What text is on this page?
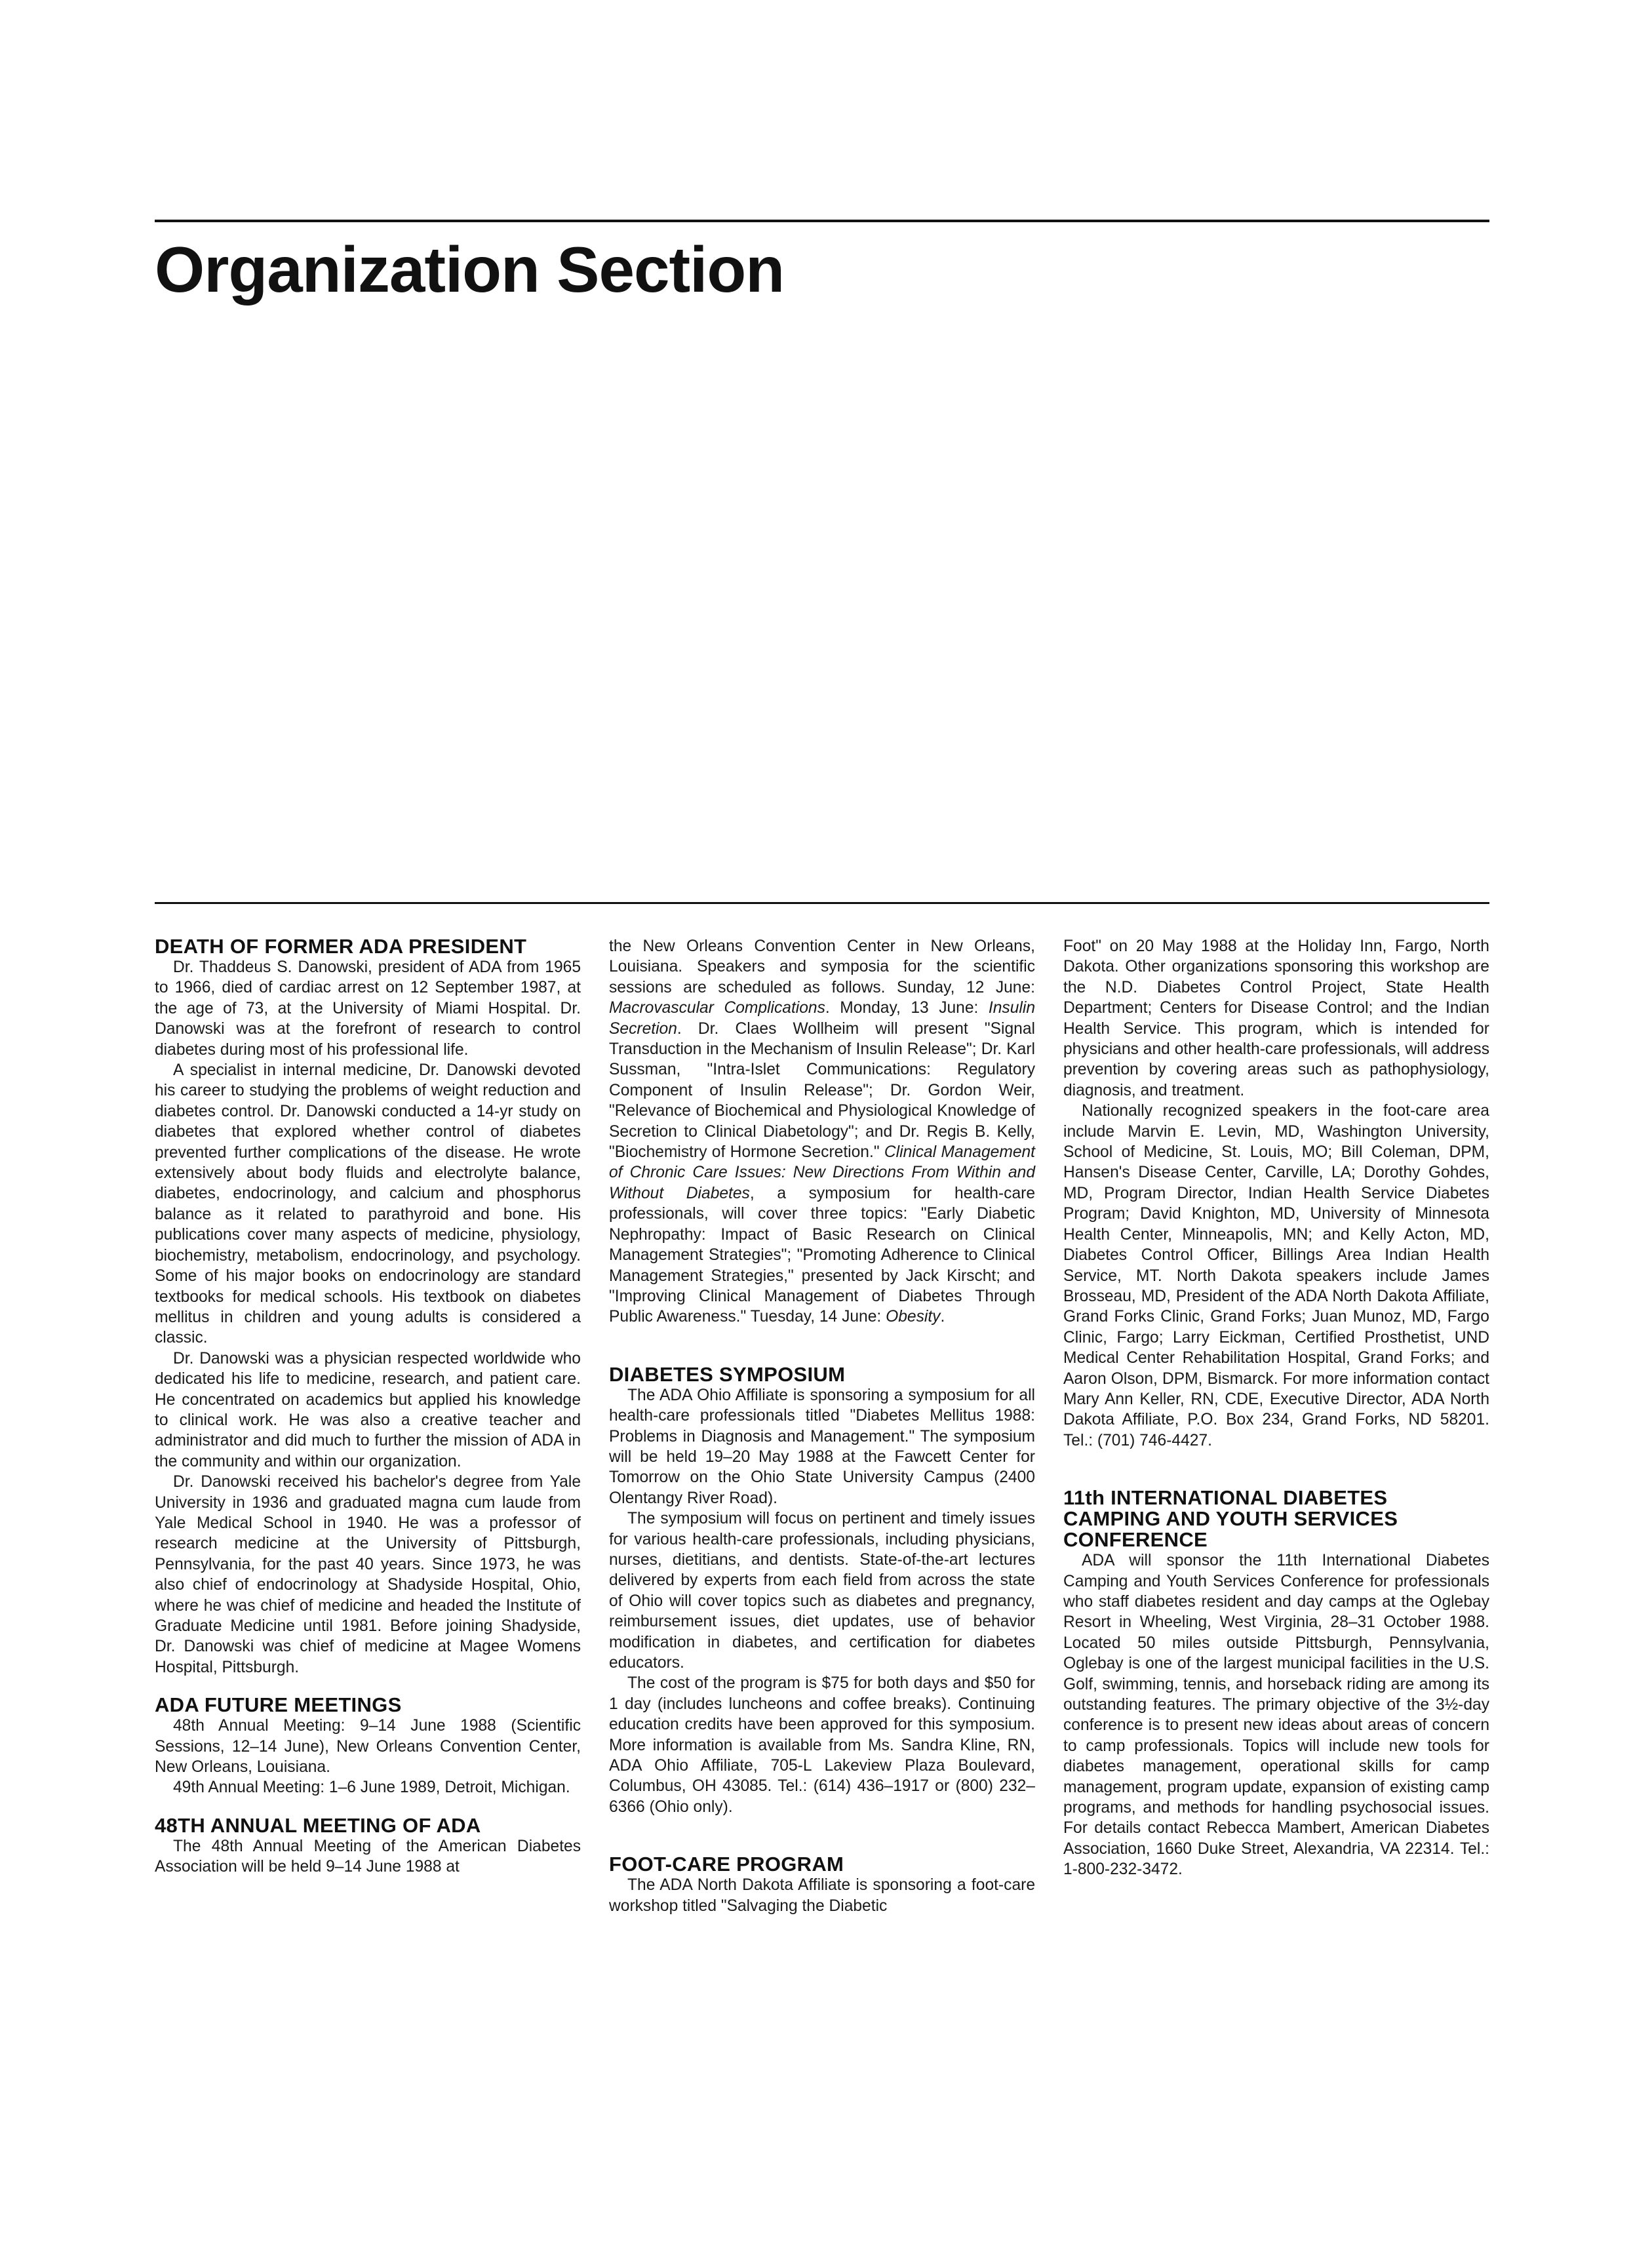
Organization Section
DEATH OF FORMER ADA PRESIDENT

Dr. Thaddeus S. Danowski, president of ADA from 1965 to 1966, died of cardiac arrest on 12 September 1987, at the age of 73, at the University of Miami Hospital. Dr. Danowski was at the forefront of research to control diabetes during most of his professional life.

A specialist in internal medicine, Dr. Danowski devoted his career to studying the problems of weight reduction and diabetes control. Dr. Danowski conducted a 14-yr study on diabetes that explored whether control of diabetes prevented further complications of the disease. He wrote extensively about body fluids and electrolyte balance, diabetes, endocrinology, and calcium and phosphorus balance as it related to parathyroid and bone. His publications cover many aspects of medicine, physiology, biochemistry, metabolism, endocrinology, and psychology. Some of his major books on endocrinology are standard textbooks for medical schools. His textbook on diabetes mellitus in children and young adults is considered a classic.

Dr. Danowski was a physician respected worldwide who dedicated his life to medicine, research, and patient care. He concentrated on academics but applied his knowledge to clinical work. He was also a creative teacher and administrator and did much to further the mission of ADA in the community and within our organization.

Dr. Danowski received his bachelor's degree from Yale University in 1936 and graduated magna cum laude from Yale Medical School in 1940. He was a professor of research medicine at the University of Pittsburgh, Pennsylvania, for the past 40 years. Since 1973, he was also chief of endocrinology at Shadyside Hospital, Ohio, where he was chief of medicine and headed the Institute of Graduate Medicine until 1981. Before joining Shadyside, Dr. Danowski was chief of medicine at Magee Womens Hospital, Pittsburgh.

ADA FUTURE MEETINGS

48th Annual Meeting: 9–14 June 1988 (Scientific Sessions, 12–14 June), New Orleans Convention Center, New Orleans, Louisiana.

49th Annual Meeting: 1–6 June 1989, Detroit, Michigan.

48TH ANNUAL MEETING OF ADA

The 48th Annual Meeting of the American Diabetes Association will be held 9–14 June 1988 at

the New Orleans Convention Center in New Orleans, Louisiana. Speakers and symposia for the scientific sessions are scheduled as follows. Sunday, 12 June: Macrovascular Complications. Monday, 13 June: Insulin Secretion. Dr. Claes Wollheim will present "Signal Transduction in the Mechanism of Insulin Release"; Dr. Karl Sussman, "Intra-Islet Communications: Regulatory Component of Insulin Release"; Dr. Gordon Weir, "Relevance of Biochemical and Physiological Knowledge of Secretion to Clinical Diabetology"; and Dr. Regis B. Kelly, "Biochemistry of Hormone Secretion." Clinical Management of Chronic Care Issues: New Directions From Within and Without Diabetes, a symposium for health-care professionals, will cover three topics: "Early Diabetic Nephropathy: Impact of Basic Research on Clinical Management Strategies"; "Promoting Adherence to Clinical Management Strategies," presented by Jack Kirscht; and "Improving Clinical Management of Diabetes Through Public Awareness." Tuesday, 14 June: Obesity.

DIABETES SYMPOSIUM

The ADA Ohio Affiliate is sponsoring a symposium for all health-care professionals titled "Diabetes Mellitus 1988: Problems in Diagnosis and Management." The symposium will be held 19–20 May 1988 at the Fawcett Center for Tomorrow on the Ohio State University Campus (2400 Olentangy River Road).

The symposium will focus on pertinent and timely issues for various health-care professionals, including physicians, nurses, dietitians, and dentists. State-of-the-art lectures delivered by experts from each field from across the state of Ohio will cover topics such as diabetes and pregnancy, reimbursement issues, diet updates, use of behavior modification in diabetes, and certification for diabetes educators.

The cost of the program is $75 for both days and $50 for 1 day (includes luncheons and coffee breaks). Continuing education credits have been approved for this symposium. More information is available from Ms. Sandra Kline, RN, ADA Ohio Affiliate, 705-L Lakeview Plaza Boulevard, Columbus, OH 43085. Tel.: (614) 436–1917 or (800) 232–6366 (Ohio only).

FOOT-CARE PROGRAM

The ADA North Dakota Affiliate is sponsoring a foot-care workshop titled "Salvaging the Diabetic

Foot" on 20 May 1988 at the Holiday Inn, Fargo, North Dakota. Other organizations sponsoring this workshop are the N.D. Diabetes Control Project, State Health Department; Centers for Disease Control; and the Indian Health Service. This program, which is intended for physicians and other health-care professionals, will address prevention by covering areas such as pathophysiology, diagnosis, and treatment.

Nationally recognized speakers in the foot-care area include Marvin E. Levin, MD, Washington University, School of Medicine, St. Louis, MO; Bill Coleman, DPM, Hansen's Disease Center, Carville, LA; Dorothy Gohdes, MD, Program Director, Indian Health Service Diabetes Program; David Knighton, MD, University of Minnesota Health Center, Minneapolis, MN; and Kelly Acton, MD, Diabetes Control Officer, Billings Area Indian Health Service, MT. North Dakota speakers include James Brosseau, MD, President of the ADA North Dakota Affiliate, Grand Forks Clinic, Grand Forks; Juan Munoz, MD, Fargo Clinic, Fargo; Larry Eickman, Certified Prosthetist, UND Medical Center Rehabilitation Hospital, Grand Forks; and Aaron Olson, DPM, Bismarck. For more information contact Mary Ann Keller, RN, CDE, Executive Director, ADA North Dakota Affiliate, P.O. Box 234, Grand Forks, ND 58201. Tel.: (701) 746-4427.

11th INTERNATIONAL DIABETES CAMPING AND YOUTH SERVICES CONFERENCE

ADA will sponsor the 11th International Diabetes Camping and Youth Services Conference for professionals who staff diabetes resident and day camps at the Oglebay Resort in Wheeling, West Virginia, 28–31 October 1988. Located 50 miles outside Pittsburgh, Pennsylvania, Oglebay is one of the largest municipal facilities in the U.S. Golf, swimming, tennis, and horseback riding are among its outstanding features. The primary objective of the 3½-day conference is to present new ideas about areas of concern to camp professionals. Topics will include new tools for diabetes management, operational skills for camp management, program update, expansion of existing camp programs, and methods for handling psychosocial issues. For details contact Rebecca Mambert, American Diabetes Association, 1660 Duke Street, Alexandria, VA 22314. Tel.: 1-800-232-3472.
